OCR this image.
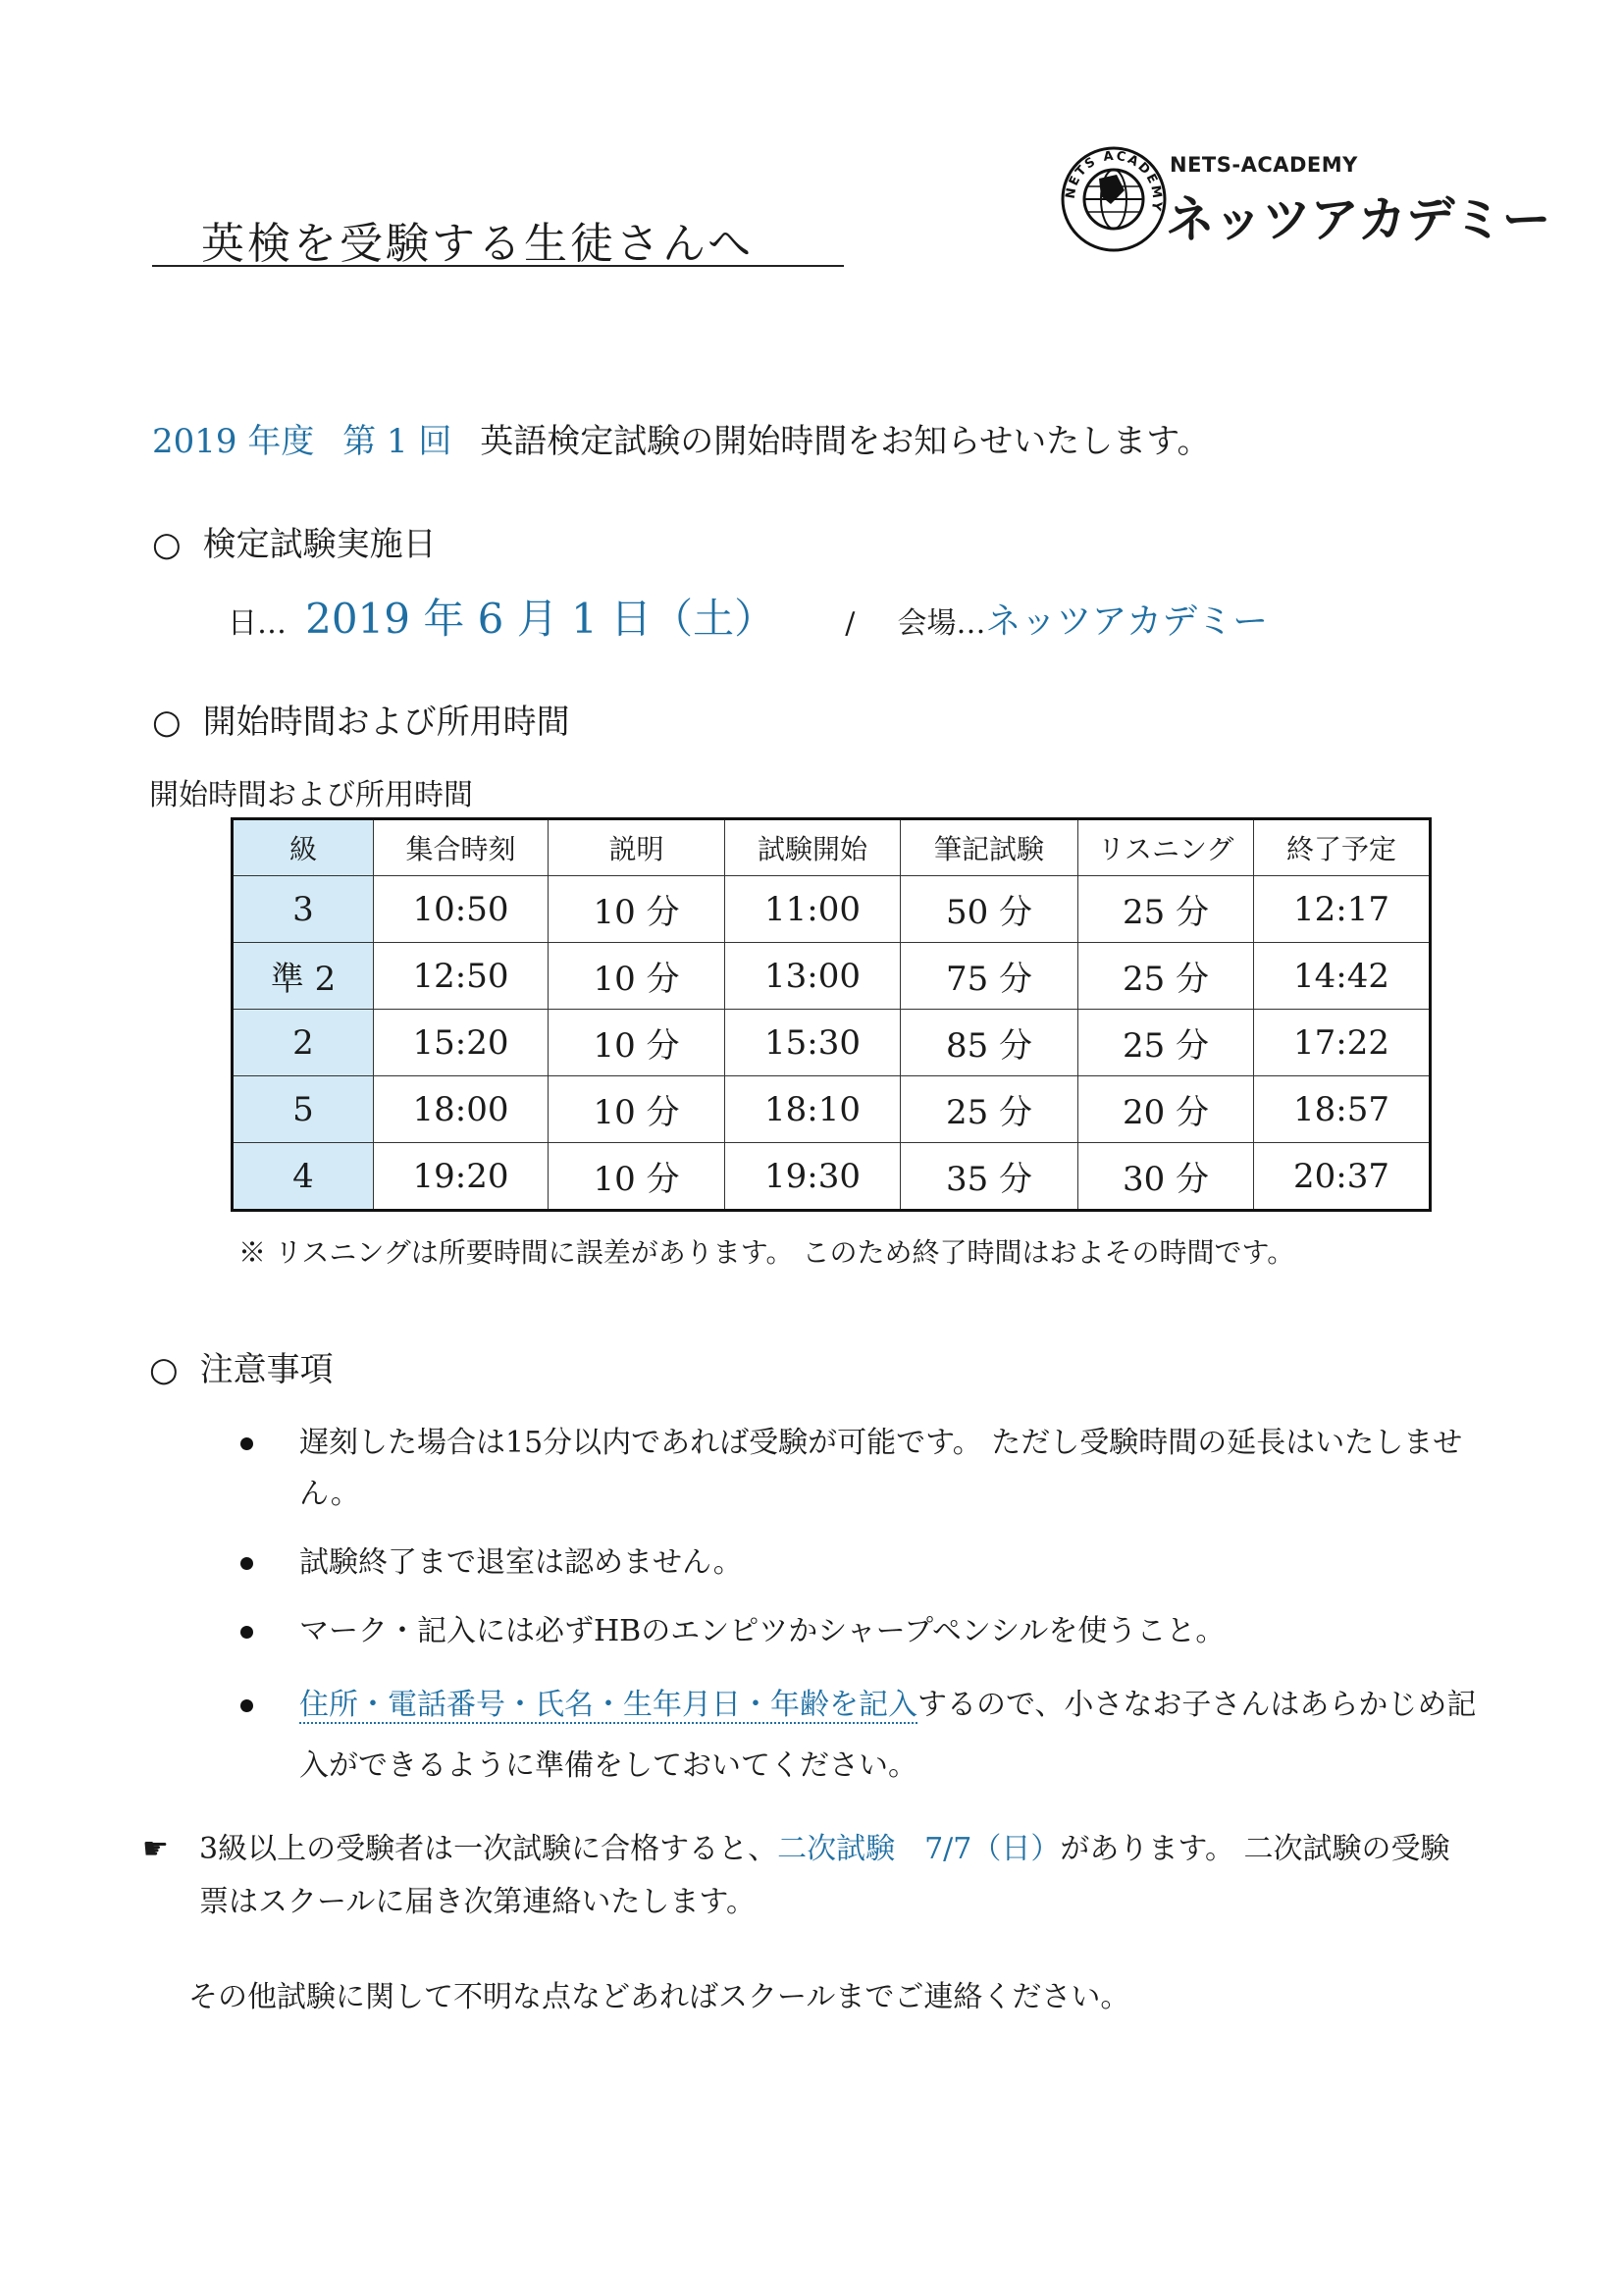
英検を受験する生徒さんへ
NETS ACADEMY
NETS-ACADEMY
ネッツアカデミー
2019 年度 第 1 回 英語検定試験の開始時間をお知らせいたします。
○ 検定試験実施日
日… 2019 年 6 月 1 日（土） / 会場…ネッツアカデミー
○ 開始時間および所用時間
開始時間および所用時間
級	集合時刻	説明	試験開始	筆記試験	リスニング	終了予定
3	10:50	10 分	11:00	50 分	25 分	12:17
準 2	12:50	10 分	13:00	75 分	25 分	14:42
2	15:20	10 分	15:30	85 分	25 分	17:22
5	18:00	10 分	18:10	25 分	20 分	18:57
4	19:20	10 分	19:30	35 分	30 分	20:37
※ リスニングは所要時間に誤差があります。 このため終了時間はおよその時間です。
○ 注意事項
遅刻した場合は15分以内であれば受験が可能です。 ただし受験時間の延長はいたしません。
試験終了まで退室は認めません。
マーク・記入には必ずHBのエンピツかシャープペンシルを使うこと。
住所・電話番号・氏名・生年月日・年齢を記入するので、小さなお子さんはあらかじめ記入ができるように準備をしておいてください。
☛	3級以上の受験者は一次試験に合格すると、二次試験　7/7（日）があります。 二次試験の受験票はスクールに届き次第連絡いたします。
その他試験に関して不明な点などあればスクールまでご連絡ください。
